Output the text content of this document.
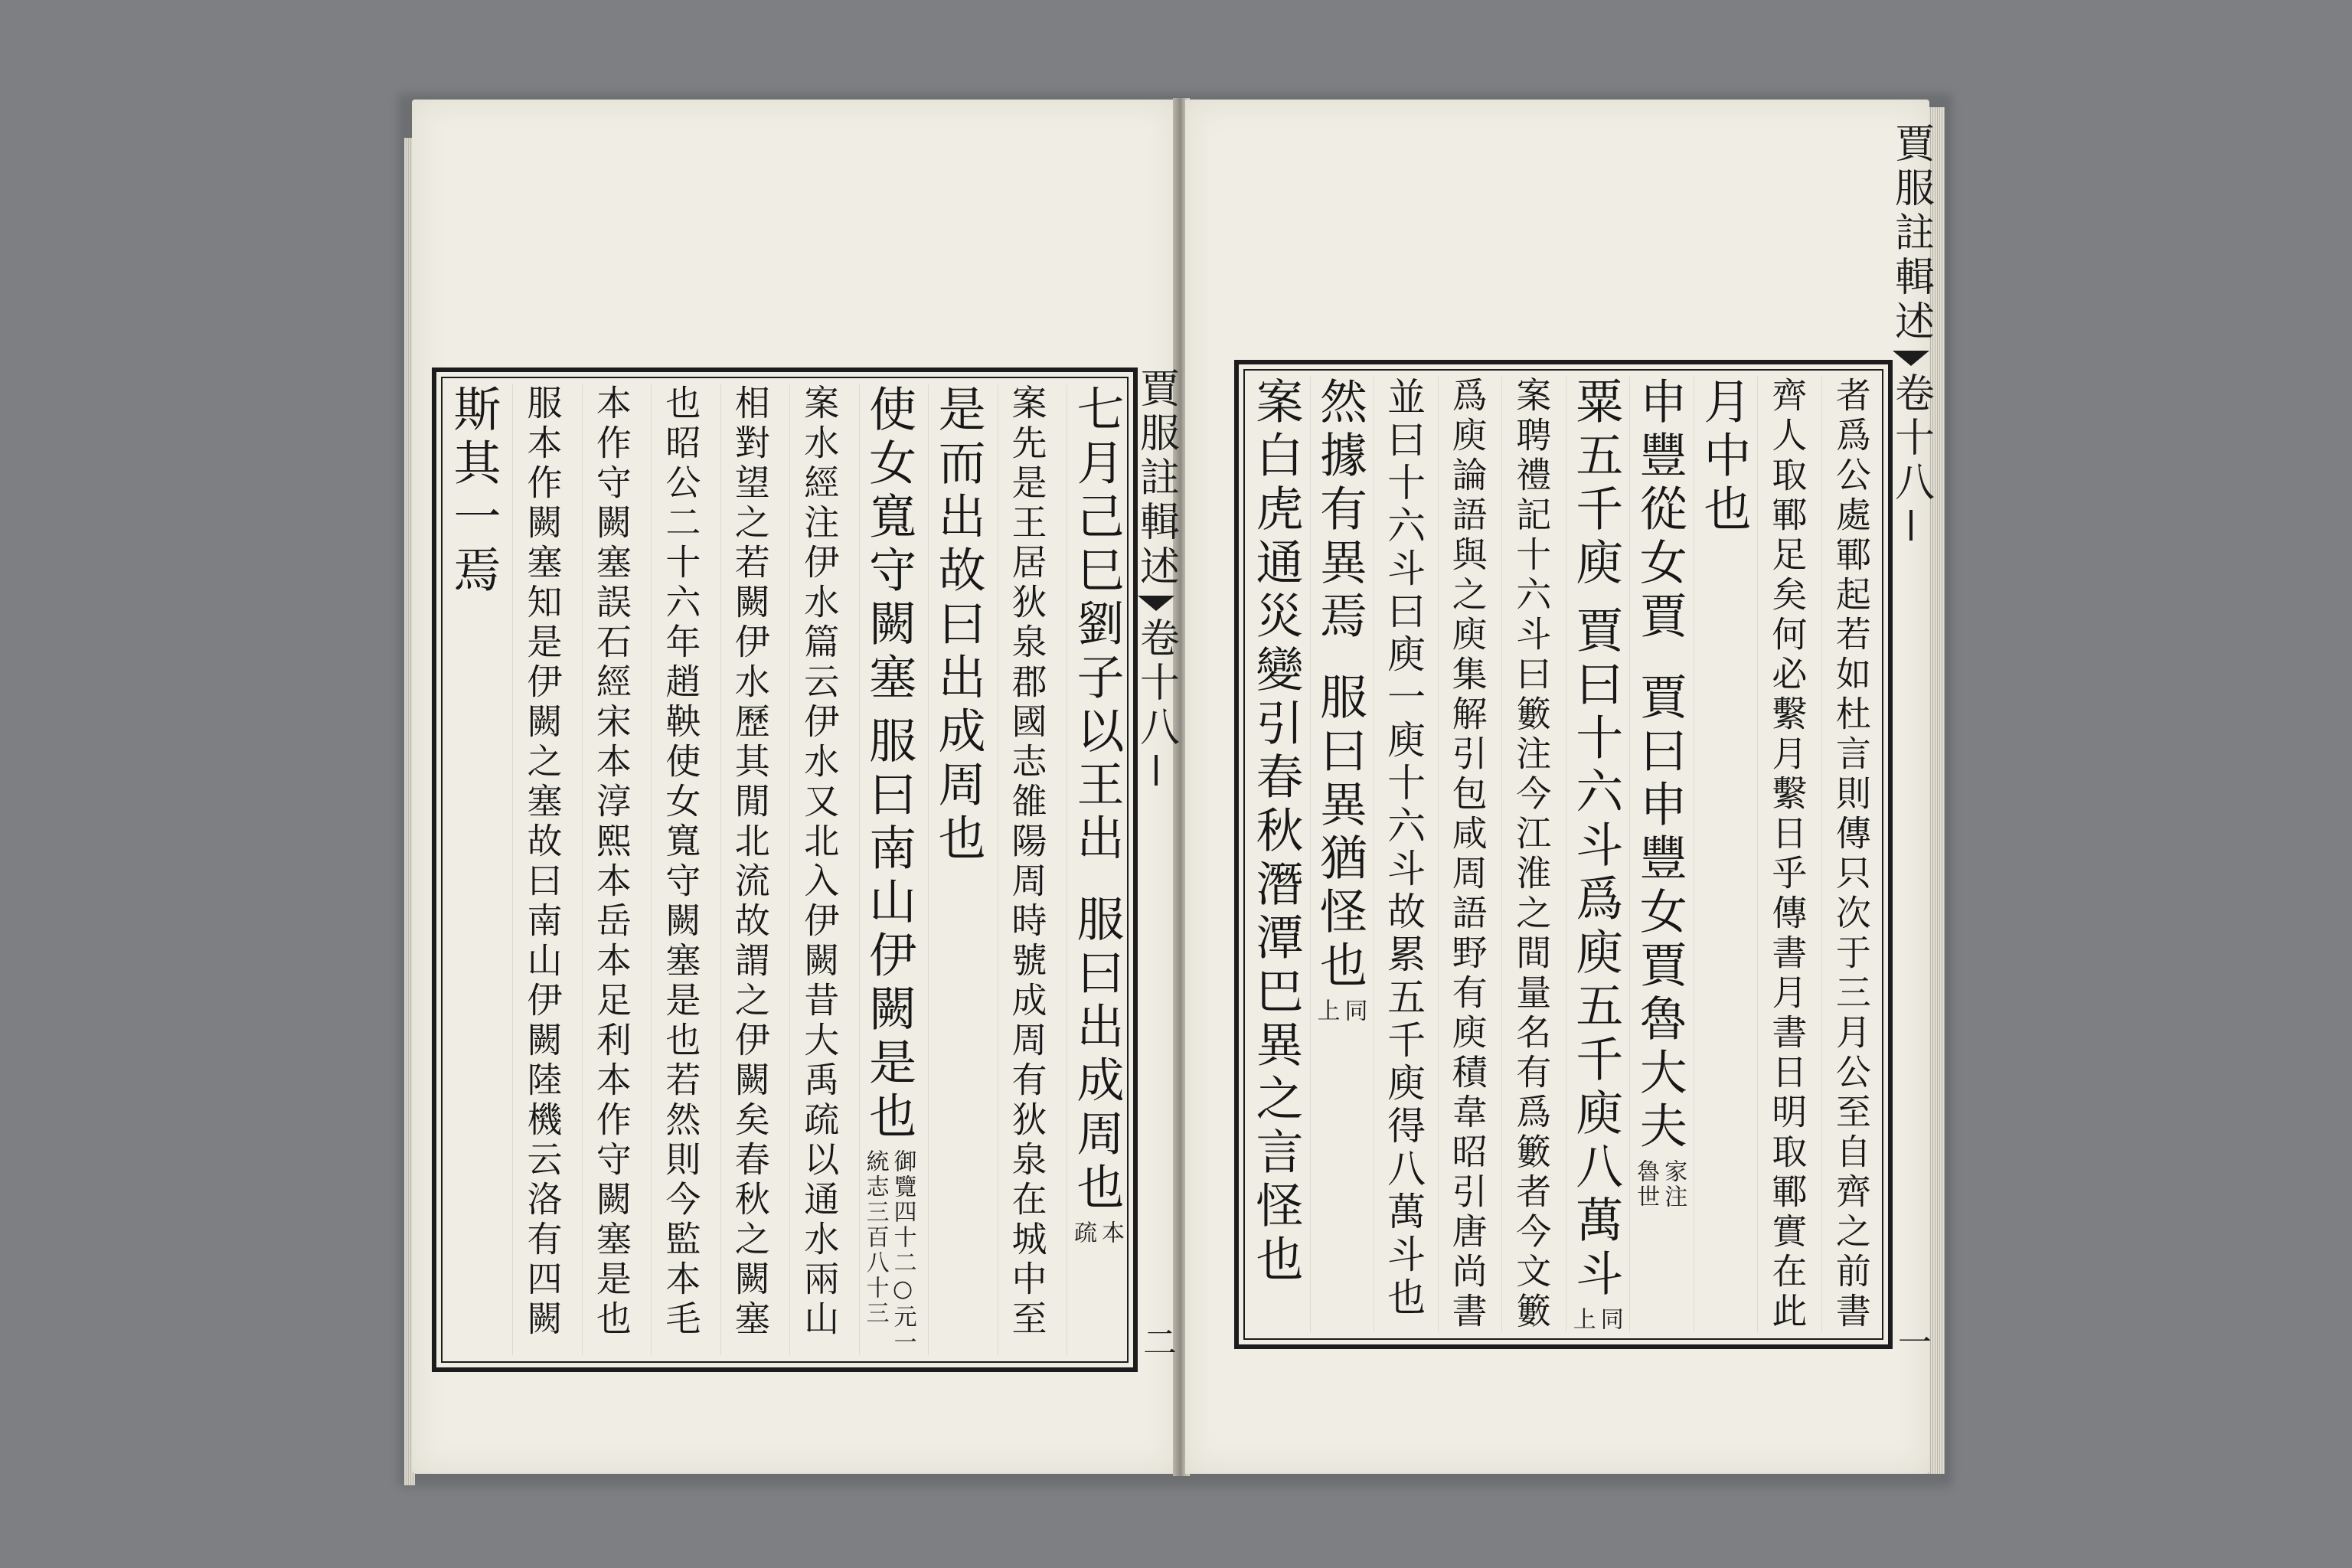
七月己巳劉子以王出
服曰出成周也
本
疏
案先是王居狄泉郡國志雒陽周時號成周有狄泉在城中至
是而出故曰出成周也
使女寬守闕塞
服曰南山伊闕是也
御覽四十二○元一
統志三百八十三
案水經注伊水篇云伊水又北入伊闕昔大禹疏以通水兩山
相對望之若闕伊水歷其閒北流故謂之伊闕矣春秋之闕塞
也昭公二十六年趙鞅使女寬守闕塞是也若然則今監本毛
本作守闕塞誤石經宋本淳熙本岳本足利本作守闕塞是也
服本作闕塞知是伊闕之塞故曰南山伊闕陸機云洛有四闕
斯其一焉	者爲公處鄆起若如杜言則傳只次于三月公至自齊之前書
齊人取鄆足矣何必繫月繫日乎傳書月書日明取鄆實在此
月中也
申豐從女賈
賈曰申豐女賈魯大夫
家注
魯世
粟五千庾
賈曰十六斗爲庾五千庾八萬斗
同
上
案聘禮記十六斗曰籔注今江淮之間量名有爲籔者今文籔
爲庾論語與之庾集解引包咸周語野有庾積韋昭引唐尚書
並曰十六斗曰庾一庾十六斗故累五千庾得八萬斗也
然據有異焉
服曰異猶怪也
同
上
案白虎通災變引春秋潛潭巴異之言怪也
賈服註輯述
卷十八
二
賈服註輯述
卷十八
一
